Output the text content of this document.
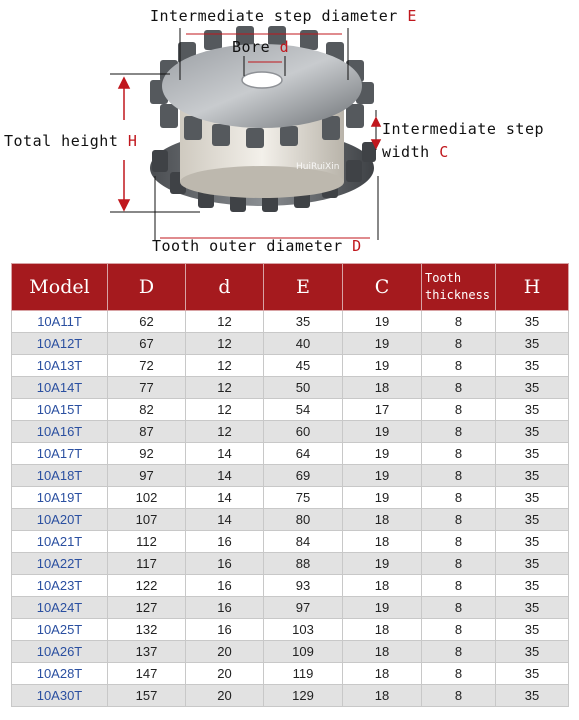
Intermediate step diameter E
Bore d
Total height H
Intermediate step
width C
Tooth outer diameter D
HuiRuiXin
Model	D	d	E	C	Tooth thickness	H
10A11T	62	12	35	19	8	35
10A12T	67	12	40	19	8	35
10A13T	72	12	45	19	8	35
10A14T	77	12	50	18	8	35
10A15T	82	12	54	17	8	35
10A16T	87	12	60	19	8	35
10A17T	92	14	64	19	8	35
10A18T	97	14	69	19	8	35
10A19T	102	14	75	19	8	35
10A20T	107	14	80	18	8	35
10A21T	112	16	84	18	8	35
10A22T	117	16	88	19	8	35
10A23T	122	16	93	18	8	35
10A24T	127	16	97	19	8	35
10A25T	132	16	103	18	8	35
10A26T	137	20	109	18	8	35
10A28T	147	20	119	18	8	35
10A30T	157	20	129	18	8	35
